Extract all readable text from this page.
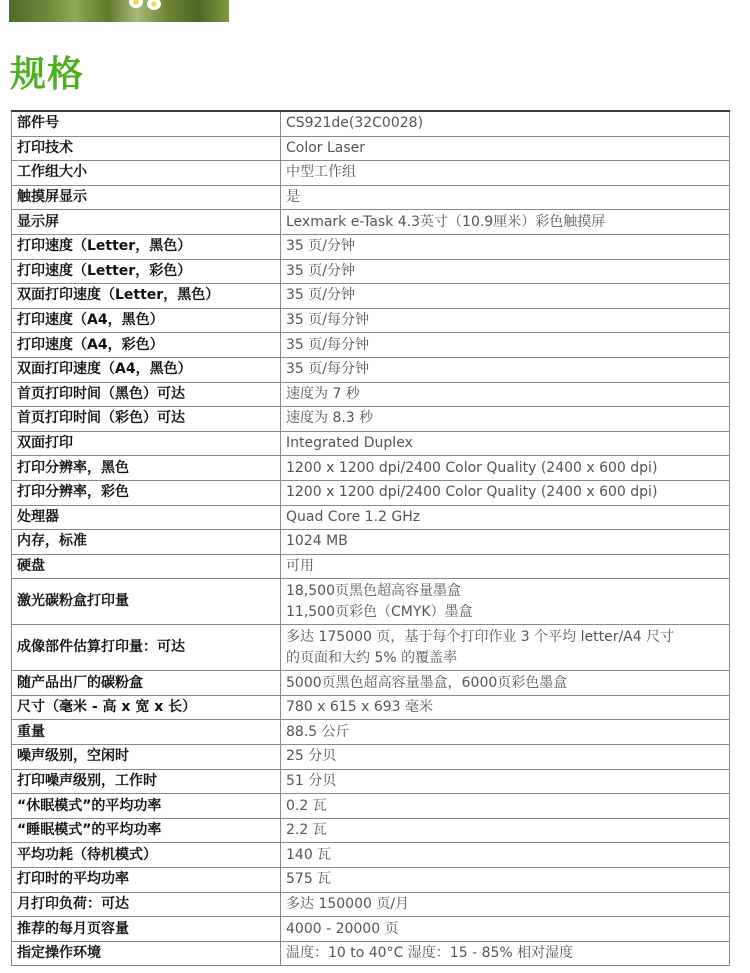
规格
部件号	CS921de(32C0028)

打印技术	Color Laser

工作组大小	中型工作组

触摸屏显示	是

显示屏	Lexmark e-Task 4.3英寸（10.9厘米）彩色触摸屏

打印速度（Letter，黑色）	35 页/分钟

打印速度（Letter，彩色）	35 页/分钟

双面打印速度（Letter，黑色）	35 页/分钟

打印速度（A4，黑色）	35 页/每分钟

打印速度（A4，彩色）	35 页/每分钟

双面打印速度（A4，黑色）	35 页/每分钟

首页打印时间（黑色）可达	速度为 7 秒

首页打印时间（彩色）可达	速度为 8.3 秒

双面打印	Integrated Duplex

打印分辨率，黑色	1200 x 1200 dpi/2400 Color Quality (2400 x 600 dpi)

打印分辨率，彩色	1200 x 1200 dpi/2400 Color Quality (2400 x 600 dpi)

处理器	Quad Core 1.2 GHz

内存，标准	1024 MB

硬盘	可用

激光碳粉盒打印量	18,500页黑色超高容量墨盒
11,500页彩色（CMYK）墨盒

成像部件估算打印量：可达	多达 175000 页，基于每个打印作业 3 个平均 letter/A4 尺寸
的页面和大约 5% 的覆盖率

随产品出厂的碳粉盒	5000页黑色超高容量墨盒，6000页彩色墨盒

尺寸（毫米 - 高 x 宽 x 长）	780 x 615 x 693 毫米

重量	88.5 公斤

噪声级别，空闲时	25 分贝

打印噪声级别，工作时	51 分贝

“休眠模式”的平均功率	0.2 瓦

“睡眠模式”的平均功率	2.2 瓦

平均功耗（待机模式）	140 瓦

打印时的平均功率	575 瓦

月打印负荷：可达	多达 150000 页/月

推荐的每月页容量	4000 - 20000 页

指定操作环境	温度：10 to 40°C 湿度：15 - 85% 相对湿度
